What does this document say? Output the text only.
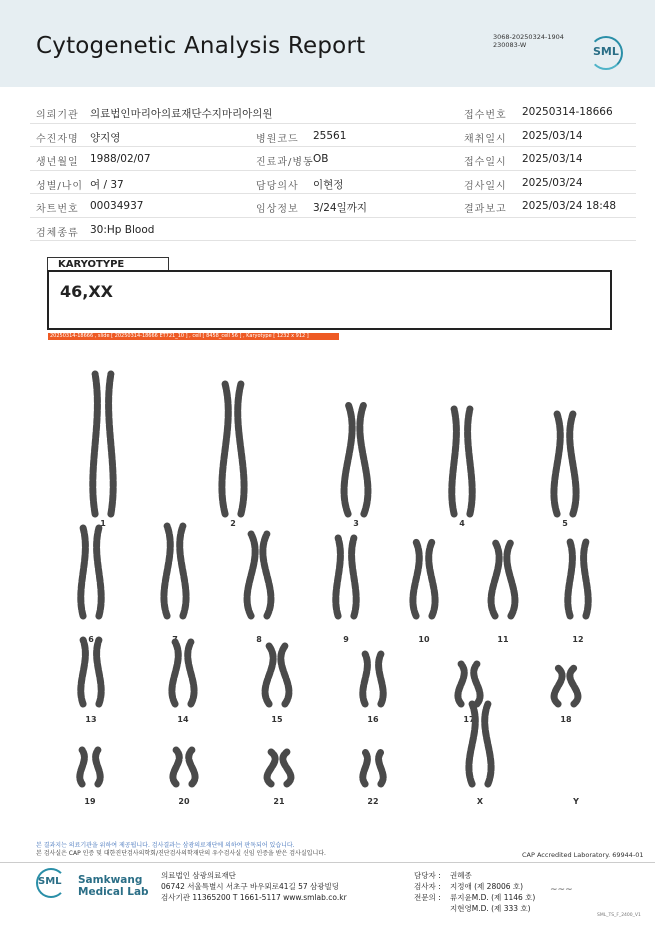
Cytogenetic Analysis Report	3068-20250324-1904
230083-W	SML
의뢰기관 의료법인마리아의료재단수지마리아의원	접수번호 20250314-18666
수진자명 양지영	병원코드 25561	채취일시 2025/03/14
생년월일 1988/02/07	진료과/병동 OB	접수일시 2025/03/14
성별/나이 여 / 37	담당의사 이현정	검사일시 2025/03/24
차트번호 00034937	임상정보 3/24일까지	결과보고 2025/03/24 18:48
검체종류 30:Hp Blood
KARYOTYPE
46,XX
20250314-18666 , slide [ 20250314-18666 ET721_10 ] , cell [ 8458_cell 56 ] , Karyotype [ 1232 x 912 ]
1	2	3	4	5
6	7	8	9	10	11	12
13	14	15	16	17	18
19	20	21	22	X	Y
본 결과지는 의료기관을 위하여 제공됩니다. 검사결과는 삼광의료재단에 의하여 판독되어 있습니다.
본 검사실은 CAP 인증 및 대한진단검사의학회/진단검사의학재단의 우수검사실 신임 인증을 받은 검사실입니다.	CAP Accredited Laboratory. 69944-01
SML Samkwang
Medical Lab
의료법인 삼광의료재단
06742 서울특별시 서초구 바우뫼로41길 57 삼광빌딩
검사기관 11365200 T 1661-5117 www.smlab.co.kr
담당자 : 권혜종
검사자 : 지정애 (제 28006 호)
전문의 : 류지윤M.D. (제 1146 호)
지현영M.D. (제 333 호)
~~~
SML_TS_F_2400_V1
